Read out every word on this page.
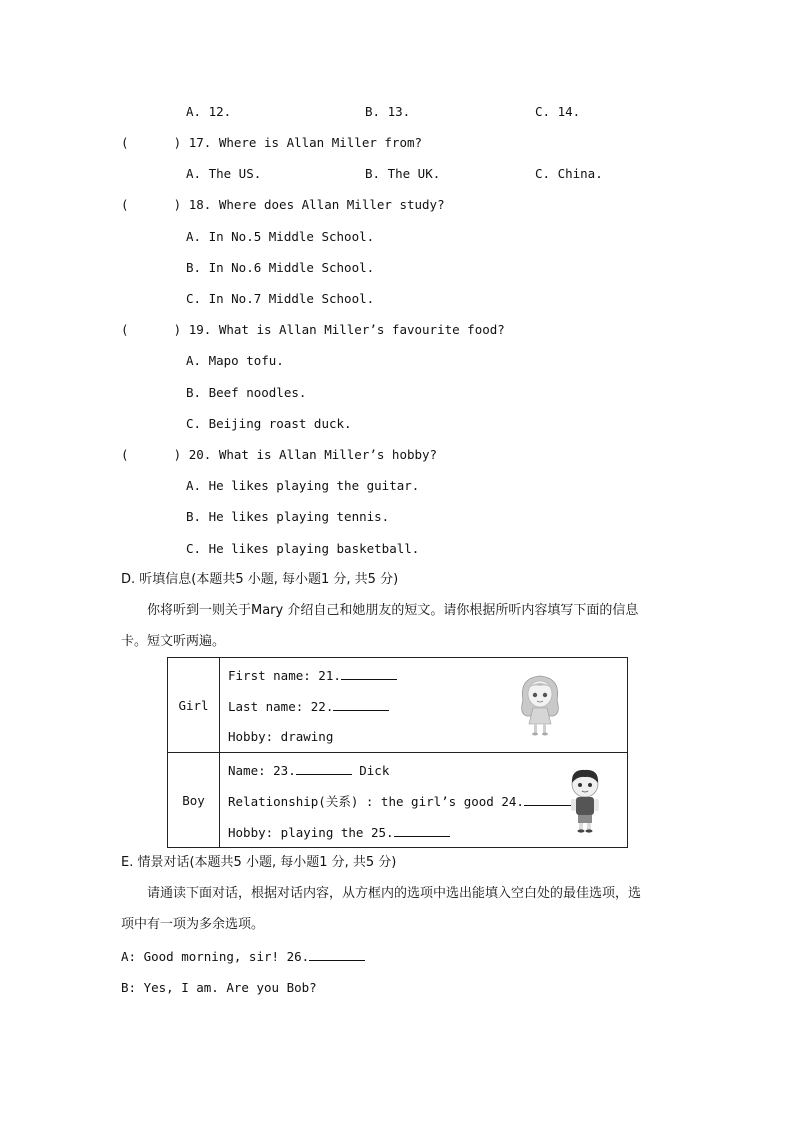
A. 12.	B. 13.	C. 14.
(      ) 17. Where is Allan Miller from?
A. The US.	B. The UK.	C. China.
(      ) 18. Where does Allan Miller study?
A. In No.5 Middle School.
B. In No.6 Middle School.
C. In No.7 Middle School.
(      ) 19. What is Allan Miller’s favourite food?
A. Mapo tofu.
B. Beef noodles.
C. Beijing roast duck.
(      ) 20. What is Allan Miller’s hobby?
A. He likes playing the guitar.
B. He likes playing tennis.
C. He likes playing basketball.
D. 听填信息(本题共5 小题, 每小题1 分, 共5 分)
你将听到一则关于Mary 介绍自己和她朋友的短文。请你根据所听内容填写下面的信息
卡。短文听两遍。
Girl	First name: 21.
Last name: 22.
Hobby: drawing

Boy	Name: 23. Dick
Relationship(关系) : the girl’s good 24.
Hobby: playing the 25.
E. 情景对话(本题共5 小题, 每小题1 分, 共5 分)
请通读下面对话，根据对话内容，从方框内的选项中选出能填入空白处的最佳选项，选
项中有一项为多余选项。
A: Good morning, sir! 26.
B: Yes, I am. Are you Bob?
